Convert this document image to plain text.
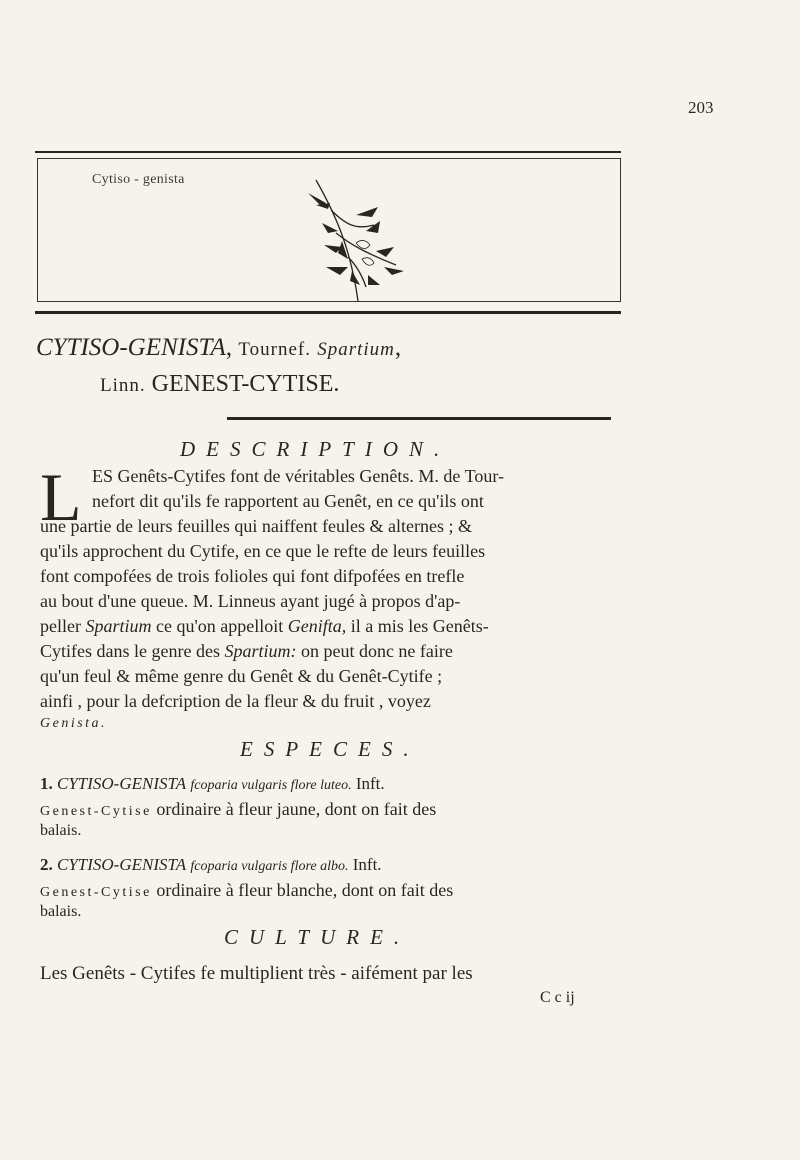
203
Cytiso - genista
CYTISO-GENISTA, Tournef. Spartium,
Linn. GENEST-CYTISE.
DESCRIPTION.
L ES Genêts-Cytifes font de véritables Genêts. M. de Tour-
nefort dit qu'ils fe rapportent au Genêt, en ce qu'ils ont
une partie de leurs feuilles qui naiffent feules & alternes ; &
qu'ils approchent du Cytife, en ce que le refte de leurs feuilles
font compofées de trois folioles qui font difpofées en trefle
au bout d'une queue. M. Linneus ayant jugé à propos d'ap-
peller Spartium ce qu'on appelloit Genifta, il a mis les Genêts-
Cytifes dans le genre des Spartium: on peut donc ne faire
qu'un feul & même genre du Genêt & du Genêt-Cytife ;
ainfi , pour la defcription de la fleur & du fruit , voyez
Genista.
ESPECES.
1. CYTISO-GENISTA fcoparia vulgaris flore luteo. Inft.
Genest-Cytise ordinaire à fleur jaune, dont on fait des
balais.
2. CYTISO-GENISTA fcoparia vulgaris flore albo. Inft.
Genest-Cytise ordinaire à fleur blanche, dont on fait des
balais.
CULTURE.
Les Genêts - Cytifes fe multiplient très - aifément par les
C c ij
